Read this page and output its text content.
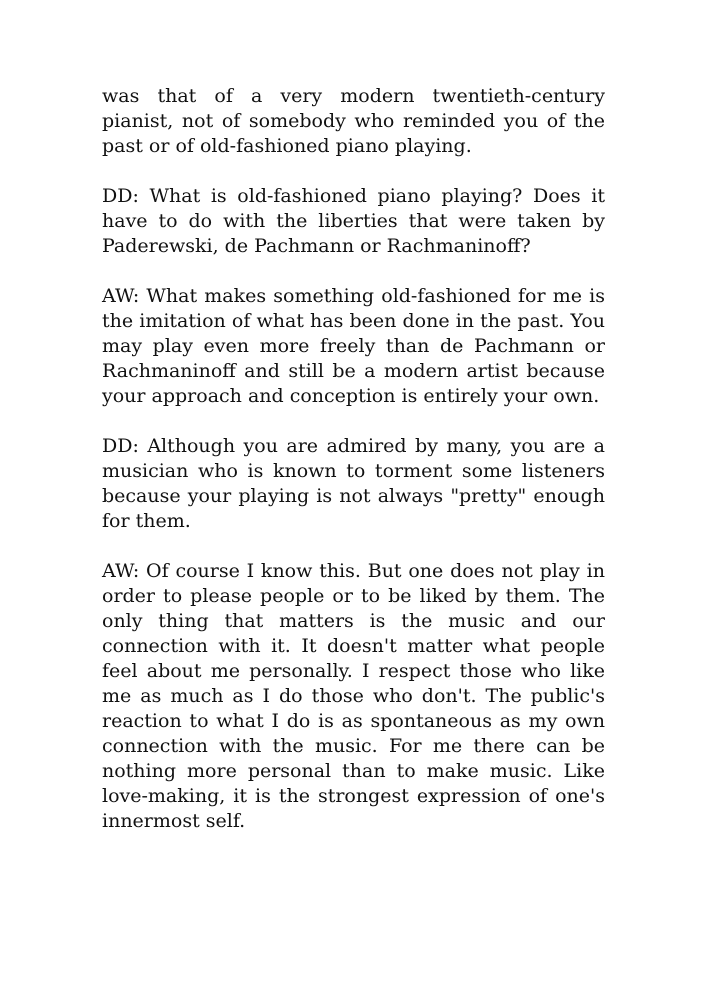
was that of a very modern twentieth-century pianist, not of somebody who reminded you of the past or of old-fashioned piano playing.

DD: What is old-fashioned piano playing? Does it have to do with the liberties that were taken by Paderewski, de Pachmann or Rachmaninoff?

AW: What makes something old-fashioned for me is the imitation of what has been done in the past. You may play even more freely than de Pachmann or Rachmaninoff and still be a modern artist because your approach and conception is entirely your own.

DD: Although you are admired by many, you are a musician who is known to torment some listeners because your playing is not always "pretty" enough for them.

AW: Of course I know this. But one does not play in order to please people or to be liked by them. The only thing that matters is the music and our connection with it. It doesn't matter what people feel about me personally. I respect those who like me as much as I do those who don't. The public's reaction to what I do is as spontaneous as my own connection with the music. For me there can be nothing more personal than to make music. Like love-making, it is the strongest expression of one's innermost self.
